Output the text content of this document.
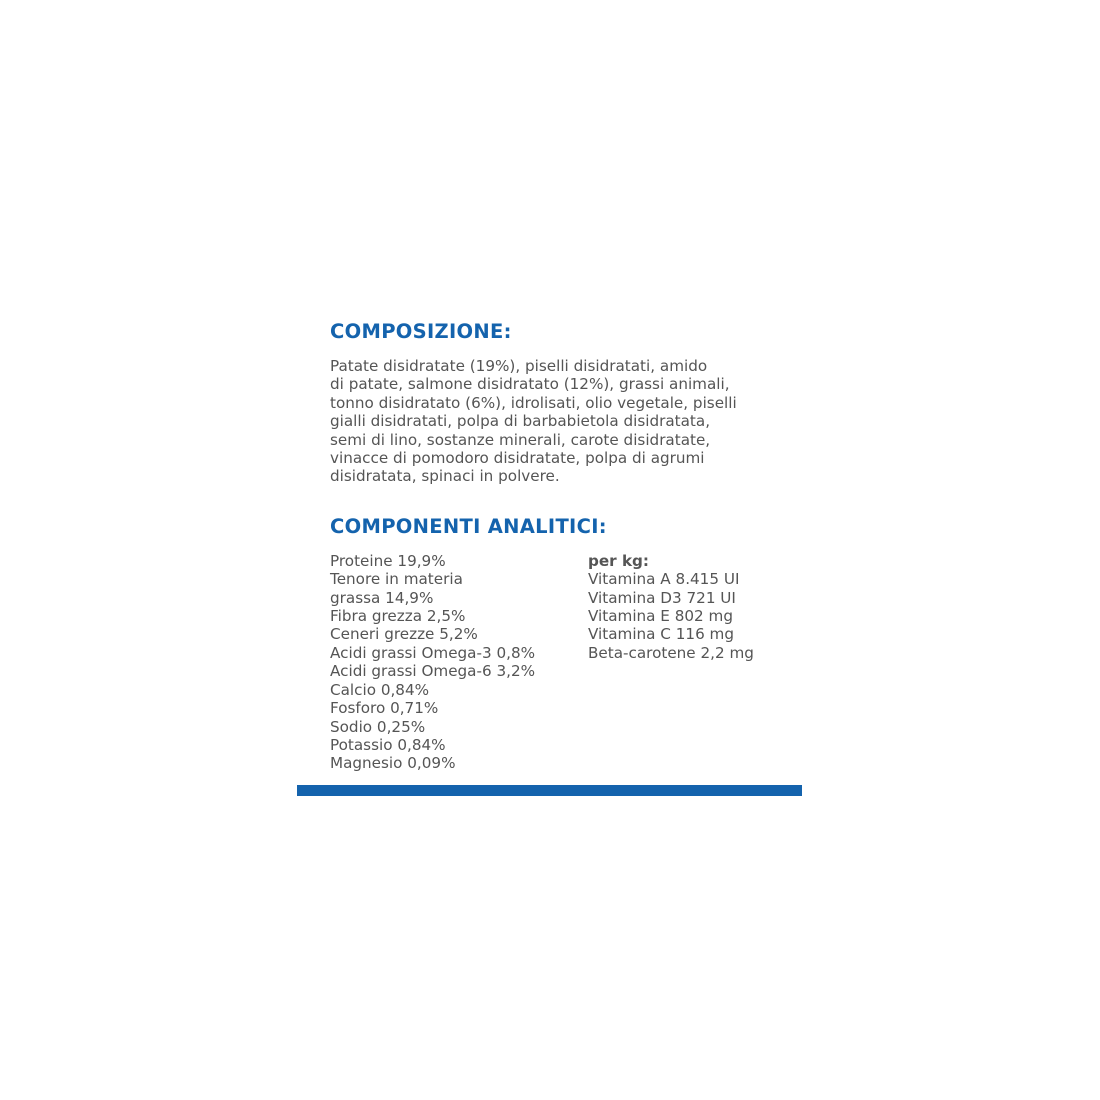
COMPOSIZIONE:

Patate disidratate (19%), piselli disidratati, amido
di patate, salmone disidratato (12%), grassi animali,
tonno disidratato (6%), idrolisati, olio vegetale, piselli
gialli disidratati, polpa di barbabietola disidratata,
semi di lino, sostanze minerali, carote disidratate,
vinacce di pomodoro disidratate, polpa di agrumi
disidratata, spinaci in polvere.

COMPONENTI ANALITICI:
Proteine 19,9%
Tenore in materia
grassa 14,9%
Fibra grezza 2,5%
Ceneri grezze 5,2%
Acidi grassi Omega-3 0,8%
Acidi grassi Omega-6 3,2%
Calcio 0,84%
Fosforo 0,71%
Sodio 0,25%
Potassio 0,84%
Magnesio 0,09%
per kg:
Vitamina A 8.415 UI
Vitamina D3 721 UI
Vitamina E 802 mg
Vitamina C 116 mg
Beta-carotene 2,2 mg
